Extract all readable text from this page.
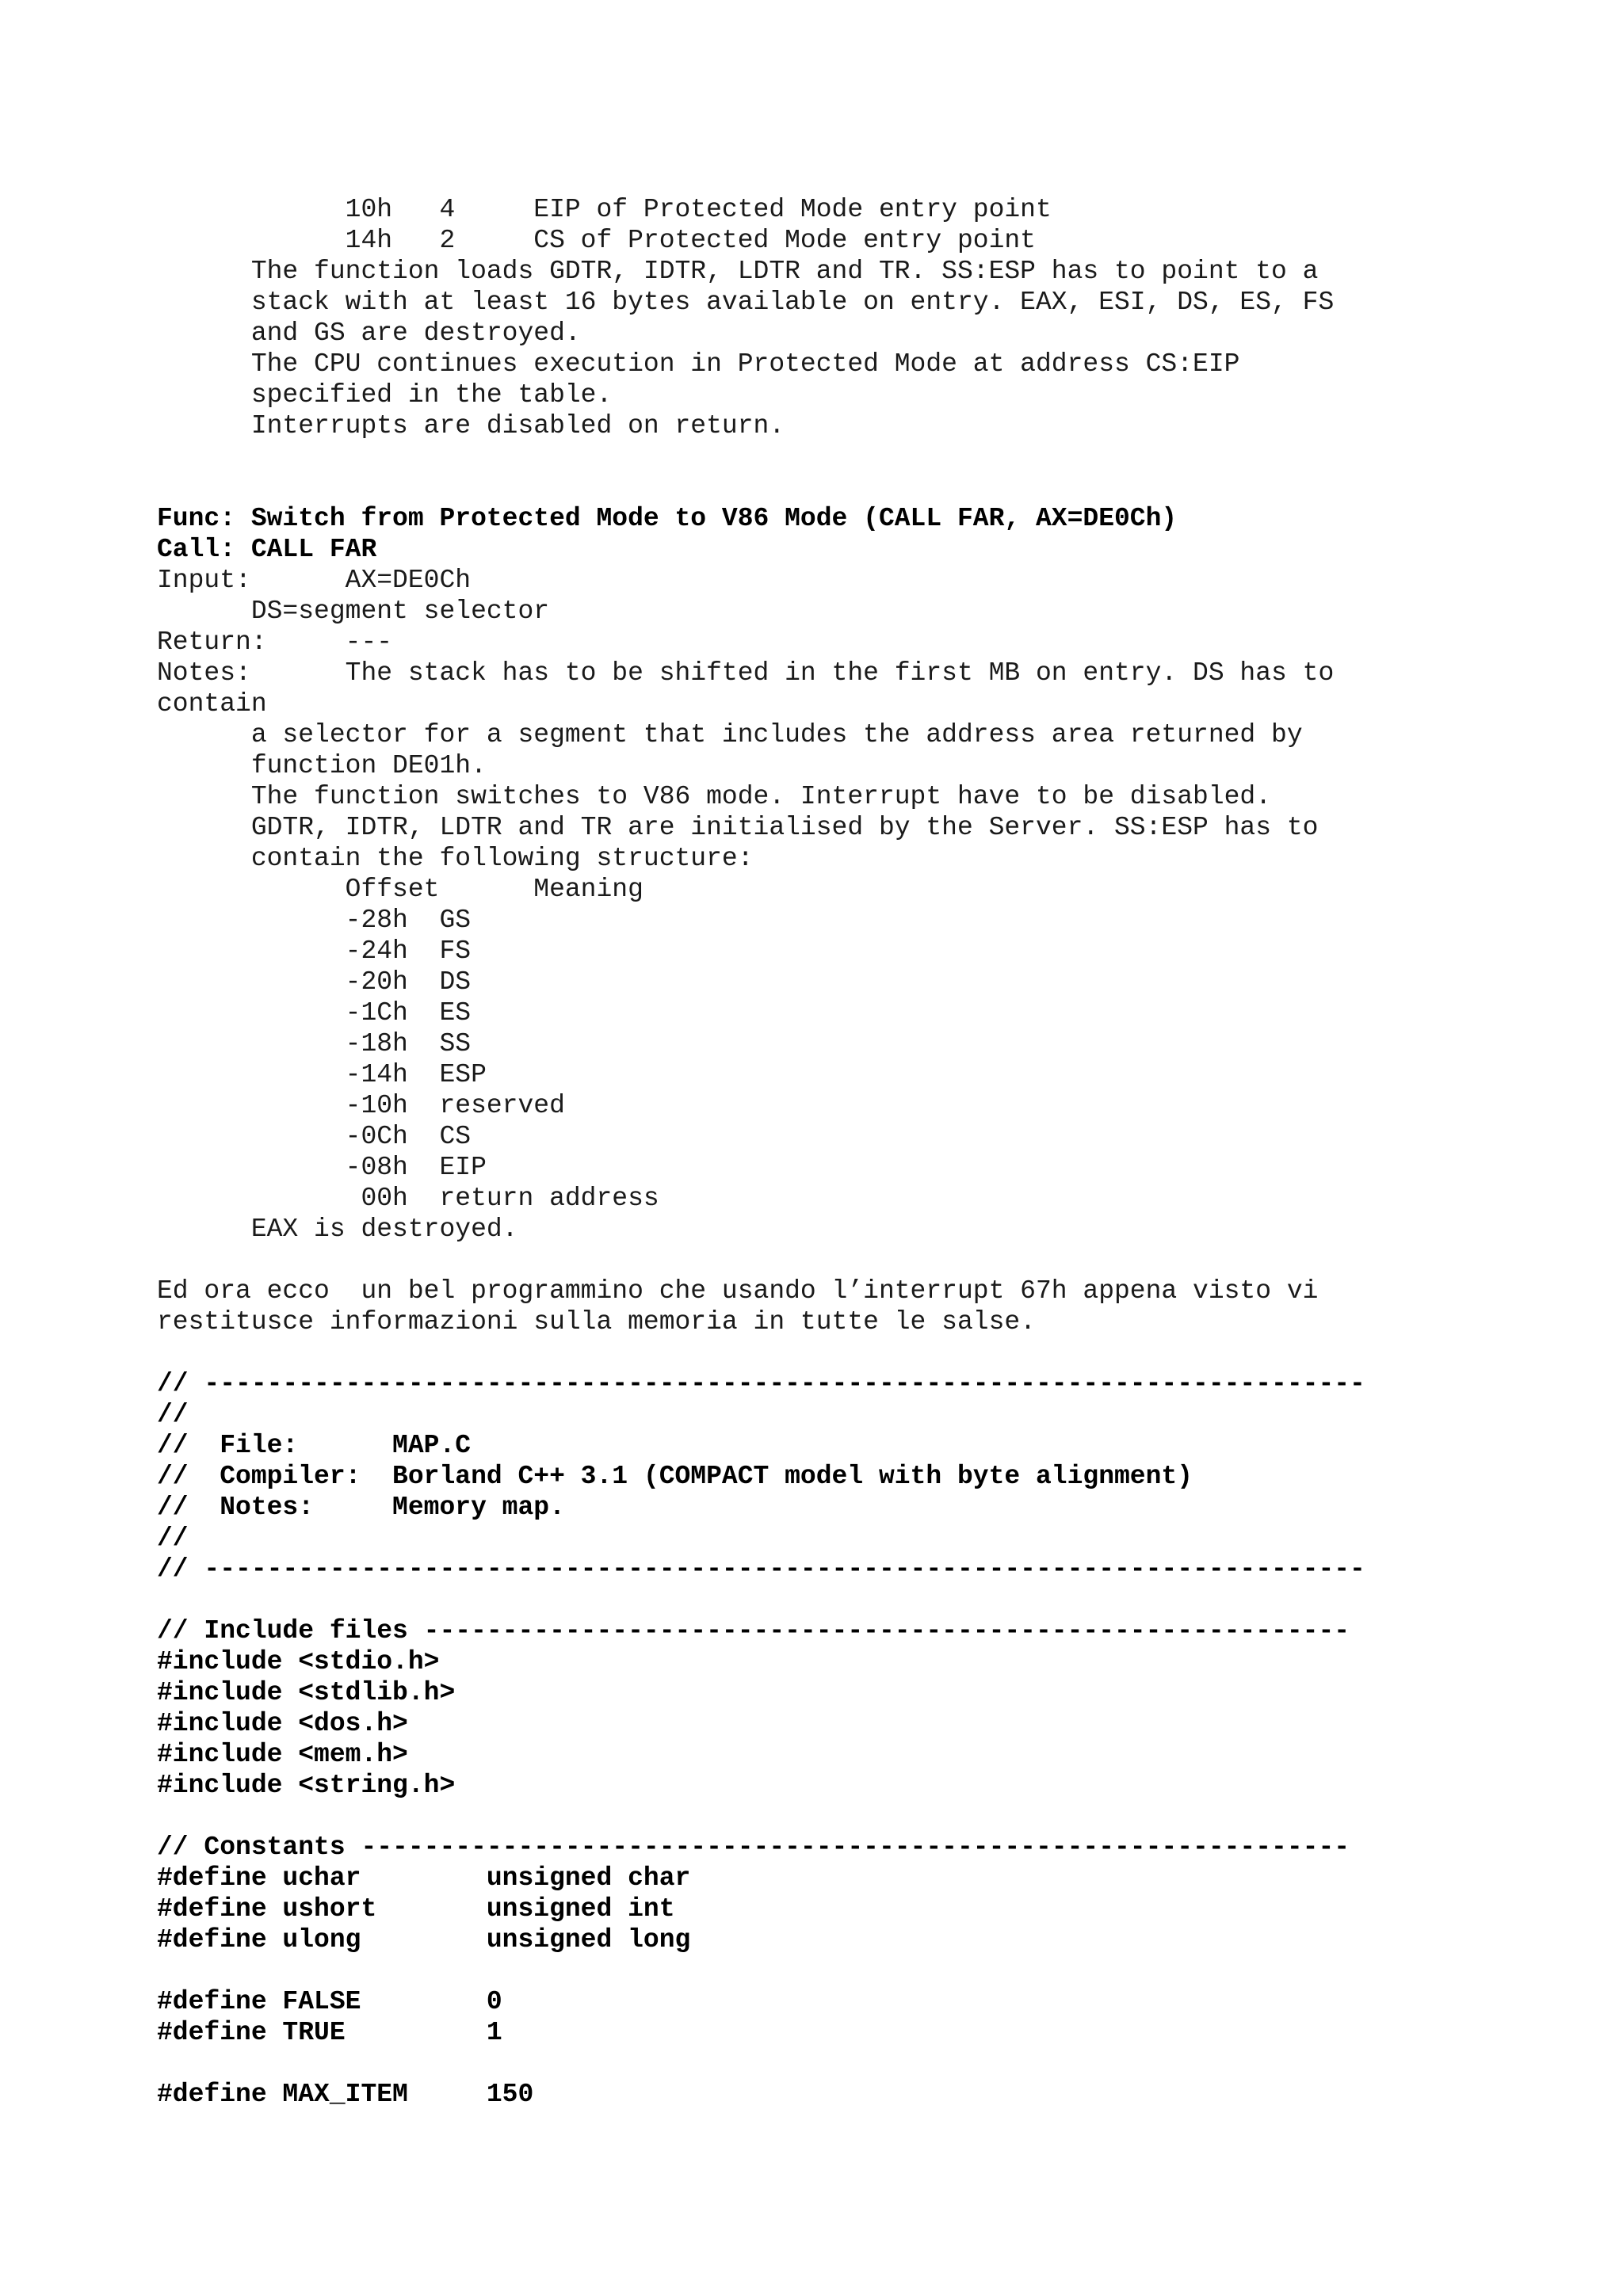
10h   4     EIP of Protected Mode entry point
14h   2     CS of Protected Mode entry point
The function loads GDTR, IDTR, LDTR and TR. SS:ESP has to point to a
stack with at least 16 bytes available on entry. EAX, ESI, DS, ES, FS
and GS are destroyed.
The CPU continues execution in Protected Mode at address CS:EIP
specified in the table.
Interrupts are disabled on return.
Func: Switch from Protected Mode to V86 Mode (CALL FAR, AX=DE0Ch)
Call: CALL FAR
Input:      AX=DE0Ch
DS=segment selector
Return:     ---
Notes:      The stack has to be shifted in the first MB on entry. DS has to
contain
a selector for a segment that includes the address area returned by
function DE01h.
The function switches to V86 mode. Interrupt have to be disabled.
GDTR, IDTR, LDTR and TR are initialised by the Server. SS:ESP has to
contain the following structure:
Offset      Meaning
-28h  GS
-24h  FS
-20h  DS
-1Ch  ES
-18h  SS
-14h  ESP
-10h  reserved
-0Ch  CS
-08h  EIP
00h  return address
EAX is destroyed.
Ed ora ecco  un bel programmino che usando l’interrupt 67h appena visto vi
restitusce informazioni sulla memoria in tutte le salse.
// --------------------------------------------------------------------------
//
//  File:      MAP.C
//  Compiler:  Borland C++ 3.1 (COMPACT model with byte alignment)
//  Notes:     Memory map.
//
// --------------------------------------------------------------------------
// Include files -----------------------------------------------------------
#include <stdio.h>
#include <stdlib.h>
#include <dos.h>
#include <mem.h>
#include <string.h>
// Constants ---------------------------------------------------------------
#define uchar        unsigned char
#define ushort       unsigned int
#define ulong        unsigned long
#define FALSE        0
#define TRUE         1
#define MAX_ITEM     150
